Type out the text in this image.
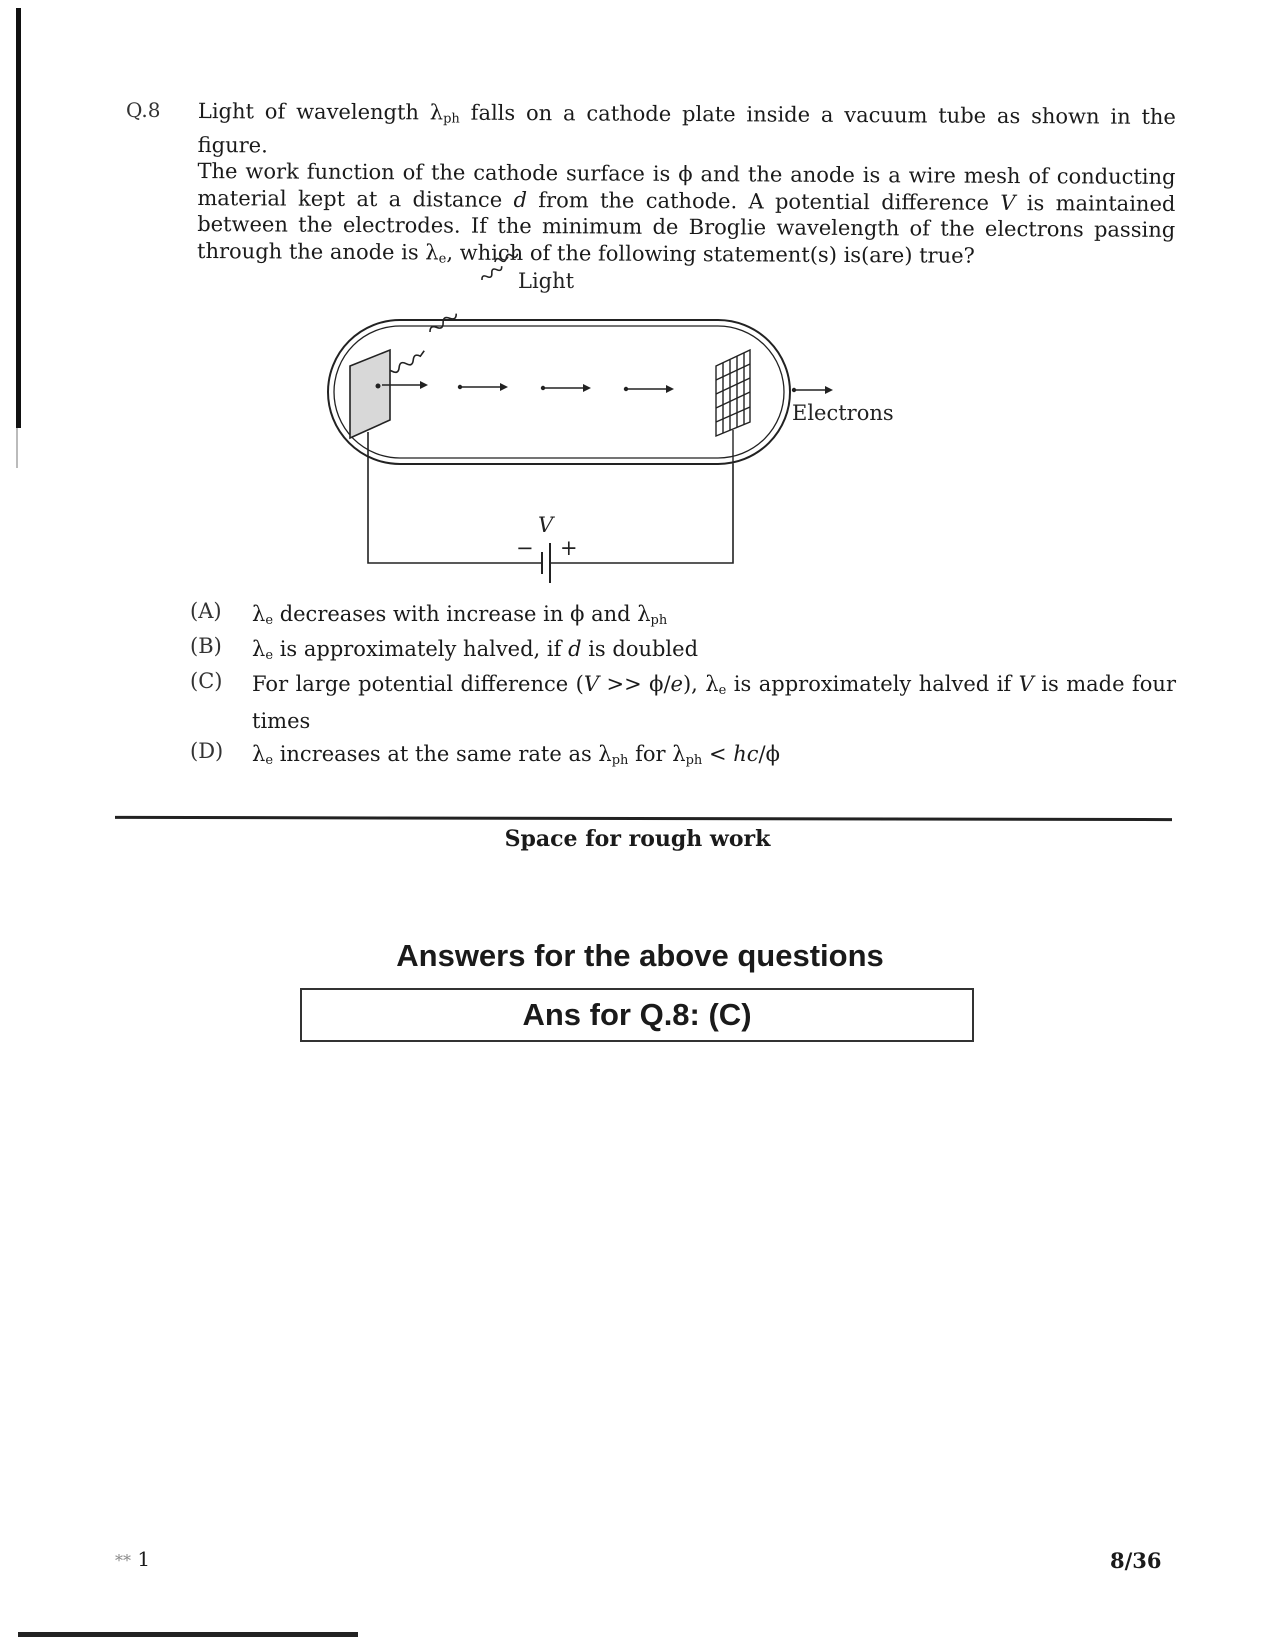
Q.8 Light of wavelength $\lambda_{ph}$ falls on a cathode plate inside a vacuum tube as shown in the figure.
The work function of the cathode surface is ϕ and the anode is a wire mesh of conducting
material kept at a distance d from the cathode. A potential difference V is maintained
between the electrodes. If the minimum de Broglie wavelength of the electrons passing
through the anode is $\lambda_e$, which of the following statement(s) is(are) true?
Light
Electrons
V
− +
(A) $\lambda_e$ decreases with increase in ϕ and $\lambda_{ph}$
(B) $\lambda_e$ is approximately halved, if d is doubled
(C) For large potential difference (V >> ϕ/e), $\lambda_e$ is approximately halved if V is made four times
(D) $\lambda_e$ increases at the same rate as $\lambda_{ph}$ for $\lambda_{ph} < hc/\phi$
Space for rough work
Answers for the above questions
Ans for Q.8: (C)
** 1	8/36
